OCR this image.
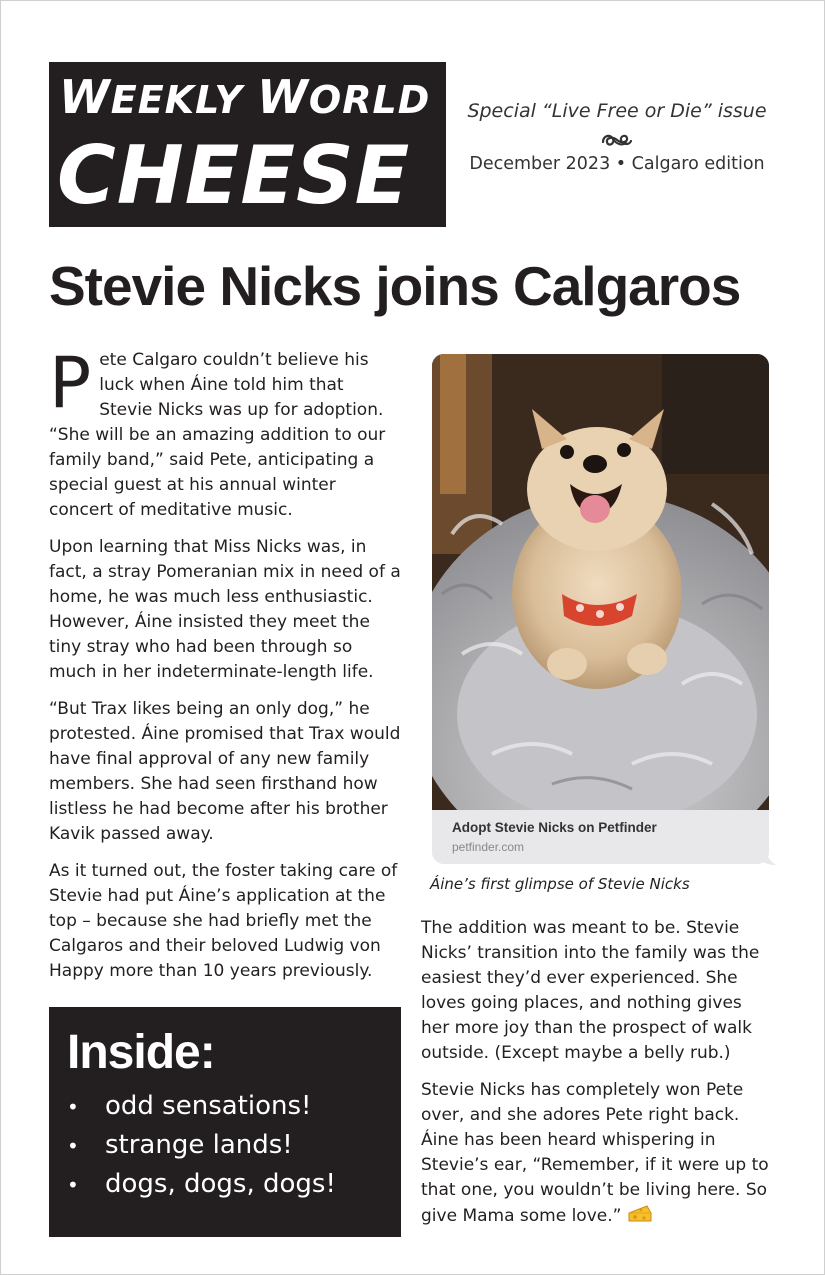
WEEKLY WORLD
CHEESE
Special “Live Free or Die” issue
December 2023 • Calgaro edition
Stevie Nicks joins Calgaros

Pete Calgaro couldn’t believe his luck when Áine told him that Stevie Nicks was up for adoption. “She will be an amazing addition to our family band,” said Pete, anticipating a special guest at his annual winter concert of meditative music.

Upon learning that Miss Nicks was, in fact, a stray Pomeranian mix in need of a home, he was much less enthusiastic. However, Áine insisted they meet the tiny stray who had been through so much in her indeterminate-length life.

“But Trax likes being an only dog,” he protested. Áine promised that Trax would have final approval of any new family members. She had seen firsthand how listless he had become after his brother Kavik passed away.

As it turned out, the foster taking care of Stevie had put Áine’s application at the top – because she had briefly met the Calgaros and their beloved Ludwig von Happy more than 10 years previously.

Adopt Stevie Nicks on Petfinder
petfinder.com
Áine’s first glimpse of Stevie Nicks

The addition was meant to be. Stevie Nicks’ transition into the family was the easiest they’d ever experienced. She loves going places, and nothing gives her more joy than the prospect of walk outside. (Except maybe a belly rub.)

Stevie Nicks has completely won Pete over, and she adores Pete right back. Áine has been heard whispering in Stevie’s ear, “Remember, if it were up to that one, you wouldn’t be living here. So give Mama some love.”

Inside:
• odd sensations!
• strange lands!
• dogs, dogs, dogs!
